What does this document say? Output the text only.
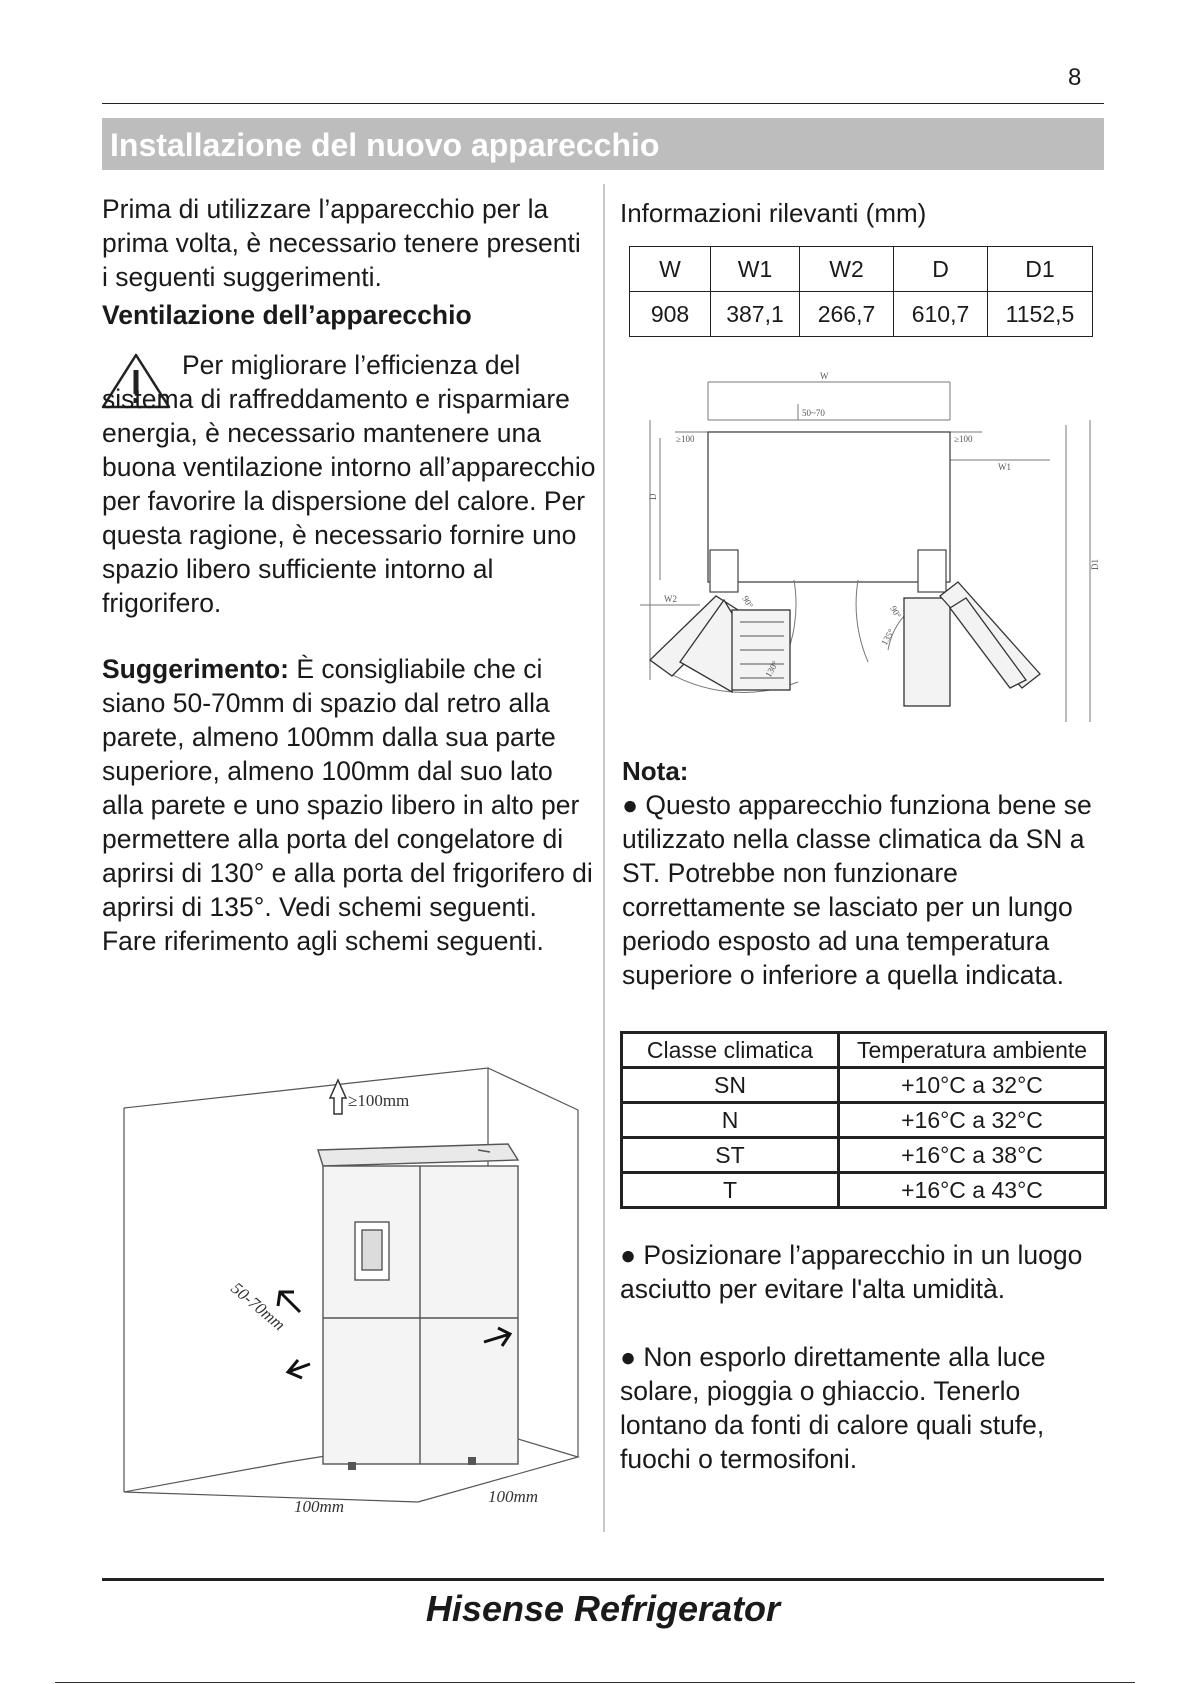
8
Installazione del nuovo apparecchio

Prima di utilizzare l’apparecchio per la prima volta, è necessario tenere presenti i seguenti suggerimenti.

Ventilazione dell’apparecchio

Per migliorare l’efficienza del sistema di raffreddamento e risparmiare energia, è necessario mantenere una buona ventilazione intorno all’apparecchio per favorire la dispersione del calore. Per questa ragione, è necessario fornire uno spazio libero sufficiente intorno al frigorifero.

Suggerimento: È consigliabile che ci siano 50-70mm di spazio dal retro alla parete, almeno 100mm dalla sua parte superiore, almeno 100mm dal suo lato alla parete e uno spazio libero in alto per permettere alla porta del congelatore di aprirsi di 130° e alla porta del frigorifero di aprirsi di 135°. Vedi schemi seguenti. Fare riferimento agli schemi seguenti.

≥100mm
50-70mm
100mm
100mm
Informazioni rilevanti (mm)
W	W1	W2	D	D1
908	387,1	266,7	610,7	1152,5
W
50~70
≥100	≥100
W1
W2
D
D1
90°
130°
90°
135°
Nota:

● Questo apparecchio funziona bene se utilizzato nella classe climatica da SN a ST. Potrebbe non funzionare correttamente se lasciato per un lungo periodo esposto ad una temperatura superiore o inferiore a quella indicata.

Classe climatica	Temperatura ambiente
SN	+10°C a 32°C
N	+16°C a 32°C
ST	+16°C a 38°C
T	+16°C a 43°C

● Posizionare l’apparecchio in un luogo asciutto per evitare l'alta umidità.

● Non esporlo direttamente alla luce solare, pioggia o ghiaccio. Tenerlo lontano da fonti di calore quali stufe, fuochi o termosifoni.

Hisense Refrigerator
